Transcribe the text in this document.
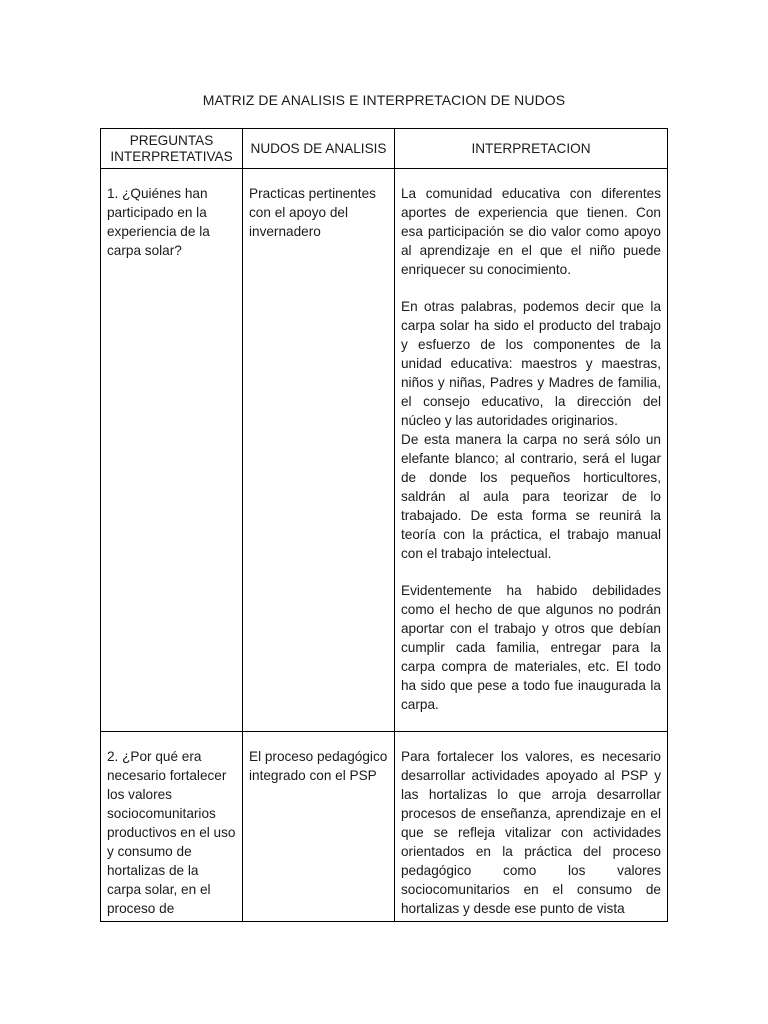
MATRIZ DE ANALISIS E INTERPRETACION DE NUDOS
PREGUNTAS
INTERPRETATIVAS	NUDOS DE ANALISIS	INTERPRETACION

1. ¿Quiénes han participado en la experiencia de la carpa solar?	Practicas pertinentes con el apoyo del invernadero	La comunidad educativa con diferentes aportes de experiencia que tienen. Con esa participación se dio valor como apoyo al aprendizaje en el que el niño puede enriquecer su conocimiento.

En otras palabras, podemos decir que la carpa solar ha sido el producto del trabajo y esfuerzo de los componentes de la unidad educativa: maestros y maestras, niños y niñas, Padres y Madres de familia, el consejo educativo, la dirección del núcleo y las autoridades originarios.

De esta manera la carpa no será sólo un elefante blanco; al contrario, será el lugar de donde los pequeños horticultores, saldrán al aula para teorizar de lo trabajado. De esta forma se reunirá la teoría con la práctica, el trabajo manual con el trabajo intelectual.

Evidentemente ha habido debilidades como el hecho de que algunos no podrán aportar con el trabajo y otros que debían cumplir cada familia, entregar para la carpa compra de materiales, etc. El todo ha sido que pese a todo fue inaugurada la carpa.

2. ¿Por qué era necesario fortalecer los valores sociocomunitarios productivos en el uso y consumo de hortalizas de la carpa solar, en el proceso de	El proceso pedagógico integrado con el PSP	Para fortalecer los valores, es necesario desarrollar actividades apoyado al PSP y las hortalizas lo que arroja desarrollar procesos de enseñanza, aprendizaje en el que se refleja vitalizar con actividades orientados en la práctica del proceso pedagógico como los valores sociocomunitarios en el consumo de hortalizas y desde ese punto de vista
